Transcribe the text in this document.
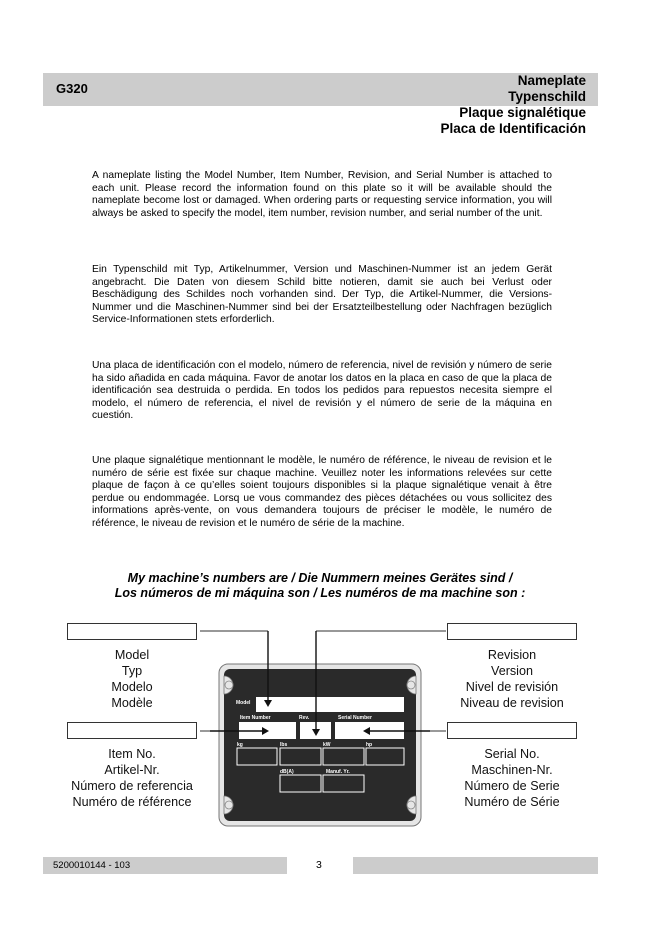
G320
Nameplate
Typenschild
Plaque signalétique
Placa de Identificación
A nameplate listing the Model Number, Item Number, Revision, and Serial Number is attached to each unit. Please record the information found on this plate so it will be available should the nameplate become lost or damaged. When ordering parts or requesting service information, you will always be asked to specify the model, item number, revision number, and serial number of the unit.
Ein Typenschild mit Typ, Artikelnummer, Version und Maschinen-Nummer ist an jedem Gerät angebracht. Die Daten von diesem Schild bitte notieren, damit sie auch bei Verlust oder Beschädigung des Schildes noch vorhanden sind. Der Typ, die Artikel-Nummer, die Versions- Nummer und die Maschinen-Nummer sind bei der Ersatzteilbestellung oder Nachfragen bezüglich Service-Informationen stets erforderlich.
Una placa de identificación con el modelo, número de referencia, nivel de revisión y número de serie ha sido añadida en cada máquina. Favor de anotar los datos en la placa en caso de que la placa de identificación sea destruida o perdida. En todos los pedidos para repuestos necesita siempre el modelo, el número de referencia, el nivel de revisión y el número de serie de la máquina en cuestión.
Une plaque signalétique mentionnant le modèle, le numéro de référence, le niveau de revision et le numéro de série est fixée sur chaque machine. Veuillez noter les informations relevées sur cette plaque de façon à ce qu’elles soient toujours disponibles si la plaque signalétique venait à être perdue ou endommagée. Lorsq ue vous commandez des pièces détachées ou vous sollicitez des informations après-vente, on vous demandera toujours de préciser le modèle, le numéro de référence, le niveau de revision et le numéro de série de la machine.
My machine’s numbers are / Die Nummern meines Gerätes sind /
Los números de mi máquina son / Les numéros de ma machine son :
Model
Item Number	Rev.	Serial Number
kg	lbs	kW	hp
dB(A)	Manuf. Yr.
Model
Typ
Modelo
Modèle
Revision
Version
Nivel de revisión
Niveau de revision
Item No.
Artikel-Nr.
Número de referencia
Numéro de référence
Serial No.
Maschinen-Nr.
Número de Serie
Numéro de Série
5200010144 - 103	3
